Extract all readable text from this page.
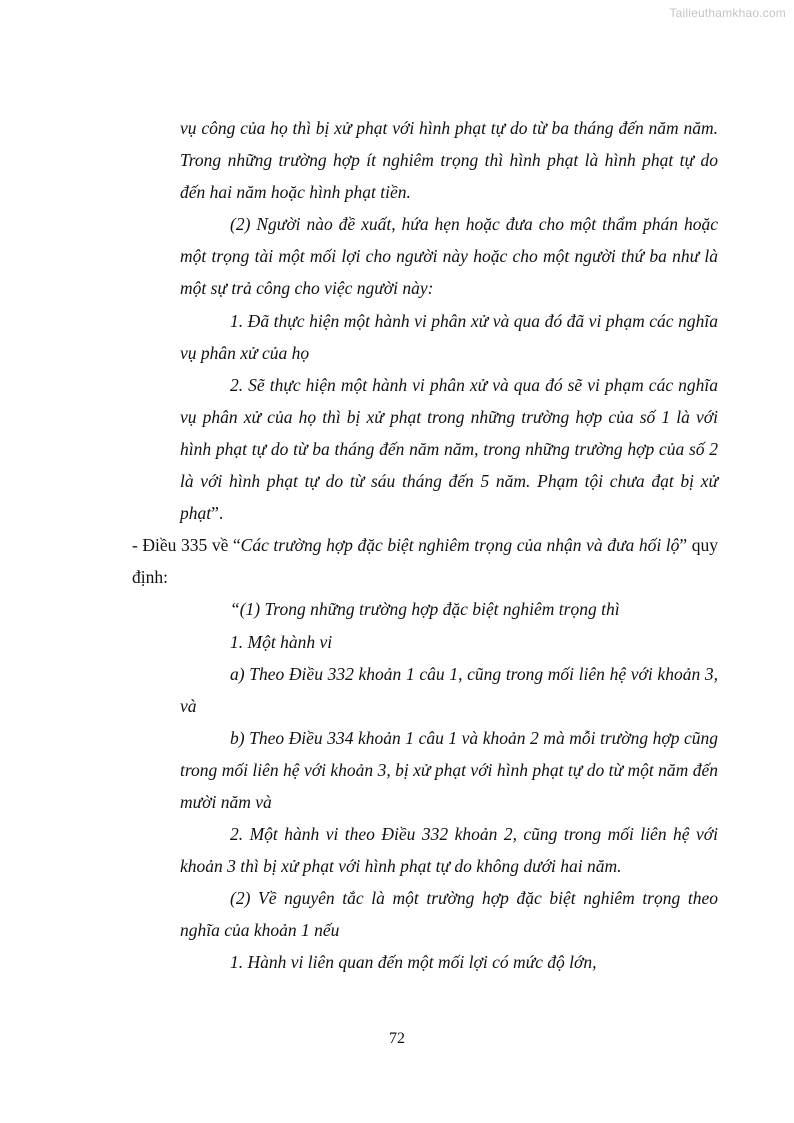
Tailieuthamkhao.com

vụ công của họ thì bị xử phạt với hình phạt tự do từ ba tháng đến năm năm. Trong những trường hợp ít nghiêm trọng thì hình phạt là hình phạt tự do đến hai năm hoặc hình phạt tiền.

(2) Người nào đề xuất, hứa hẹn hoặc đưa cho một thẩm phán hoặc một trọng tài một mối lợi cho người này hoặc cho một người thứ ba như là một sự trả công cho việc người này:

1. Đã thực hiện một hành vi phân xử và qua đó đã vi phạm các nghĩa vụ phân xử của họ

2. Sẽ thực hiện một hành vi phân xử và qua đó sẽ vi phạm các nghĩa vụ phân xử của họ thì bị xử phạt trong những trường hợp của số 1 là với hình phạt tự do từ ba tháng đến năm năm, trong những trường hợp của số 2 là với hình phạt tự do từ sáu tháng đến 5 năm. Phạm tội chưa đạt bị xử phạt”.

- Điều 335 về “Các trường hợp đặc biệt nghiêm trọng của nhận và đưa hối lộ” quy định:

“(1) Trong những trường hợp đặc biệt nghiêm trọng thì

1. Một hành vi

a) Theo Điều 332 khoản 1 câu 1, cũng trong mối liên hệ với khoản 3, và

b) Theo Điều 334 khoản 1 câu 1 và khoản 2 mà mỗi trường hợp cũng trong mối liên hệ với khoản 3, bị xử phạt với hình phạt tự do từ một năm đến mười năm và

2. Một hành vi theo Điều 332 khoản 2, cũng trong mối liên hệ với khoản 3 thì bị xử phạt với hình phạt tự do không dưới hai năm.

(2) Về nguyên tắc là một trường hợp đặc biệt nghiêm trọng theo nghĩa của khoản 1 nếu

1. Hành vi liên quan đến một mối lợi có mức độ lớn,

72
